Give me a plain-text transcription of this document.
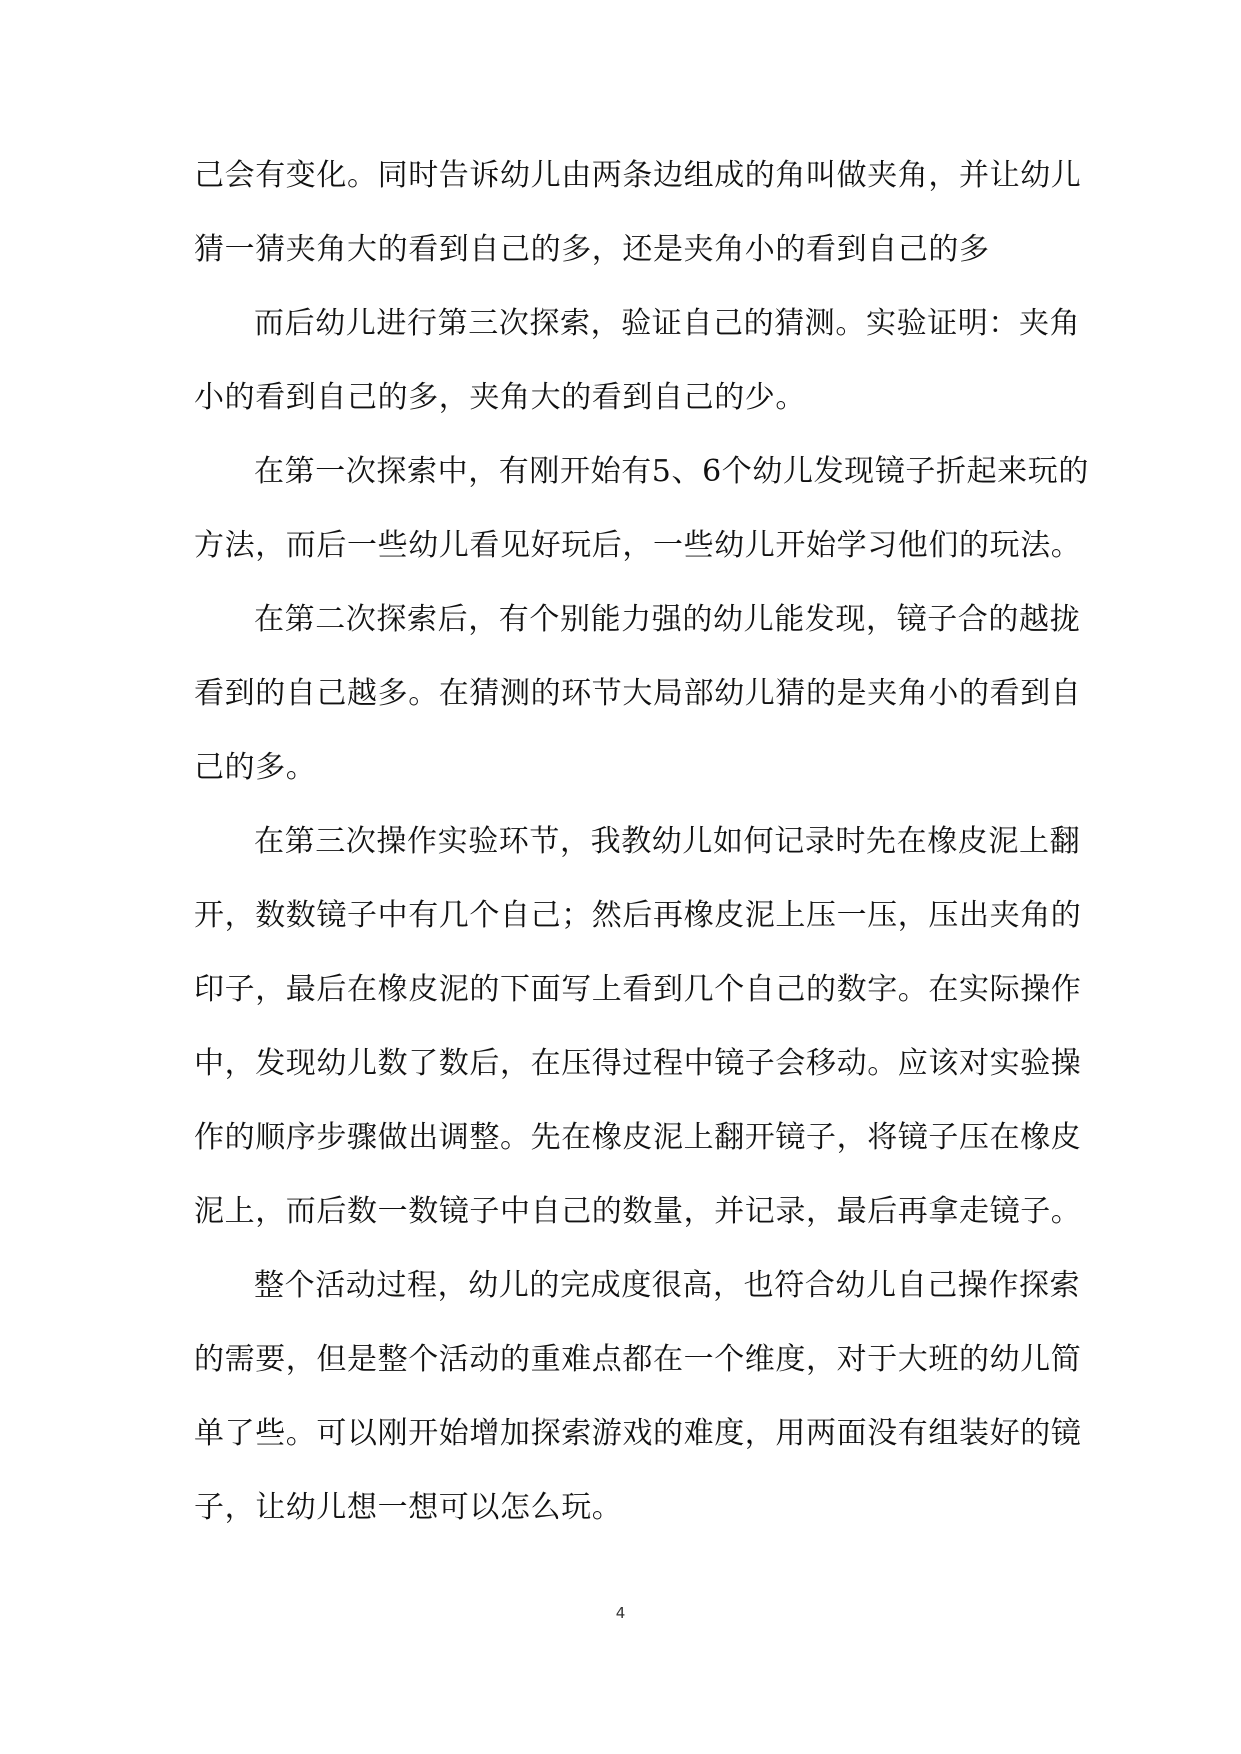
己会有变化。同时告诉幼儿由两条边组成的角叫做夹角，并让幼儿
猜一猜夹角大的看到自己的多，还是夹角小的看到自己的多

而后幼儿进行第三次探索，验证自己的猜测。实验证明：夹角
小的看到自己的多，夹角大的看到自己的少。

在第一次探索中，有刚开始有5、6个幼儿发现镜子折起来玩的
方法，而后一些幼儿看见好玩后，一些幼儿开始学习他们的玩法。

在第二次探索后，有个别能力强的幼儿能发现，镜子合的越拢
看到的自己越多。在猜测的环节大局部幼儿猜的是夹角小的看到自
己的多。

在第三次操作实验环节，我教幼儿如何记录时先在橡皮泥上翻
开，数数镜子中有几个自己；然后再橡皮泥上压一压，压出夹角的
印子，最后在橡皮泥的下面写上看到几个自己的数字。在实际操作
中，发现幼儿数了数后，在压得过程中镜子会移动。应该对实验操
作的顺序步骤做出调整。先在橡皮泥上翻开镜子，将镜子压在橡皮
泥上，而后数一数镜子中自己的数量，并记录，最后再拿走镜子。

整个活动过程，幼儿的完成度很高，也符合幼儿自己操作探索
的需要，但是整个活动的重难点都在一个维度，对于大班的幼儿简
单了些。可以刚开始增加探索游戏的难度，用两面没有组装好的镜
子，让幼儿想一想可以怎么玩。

4
